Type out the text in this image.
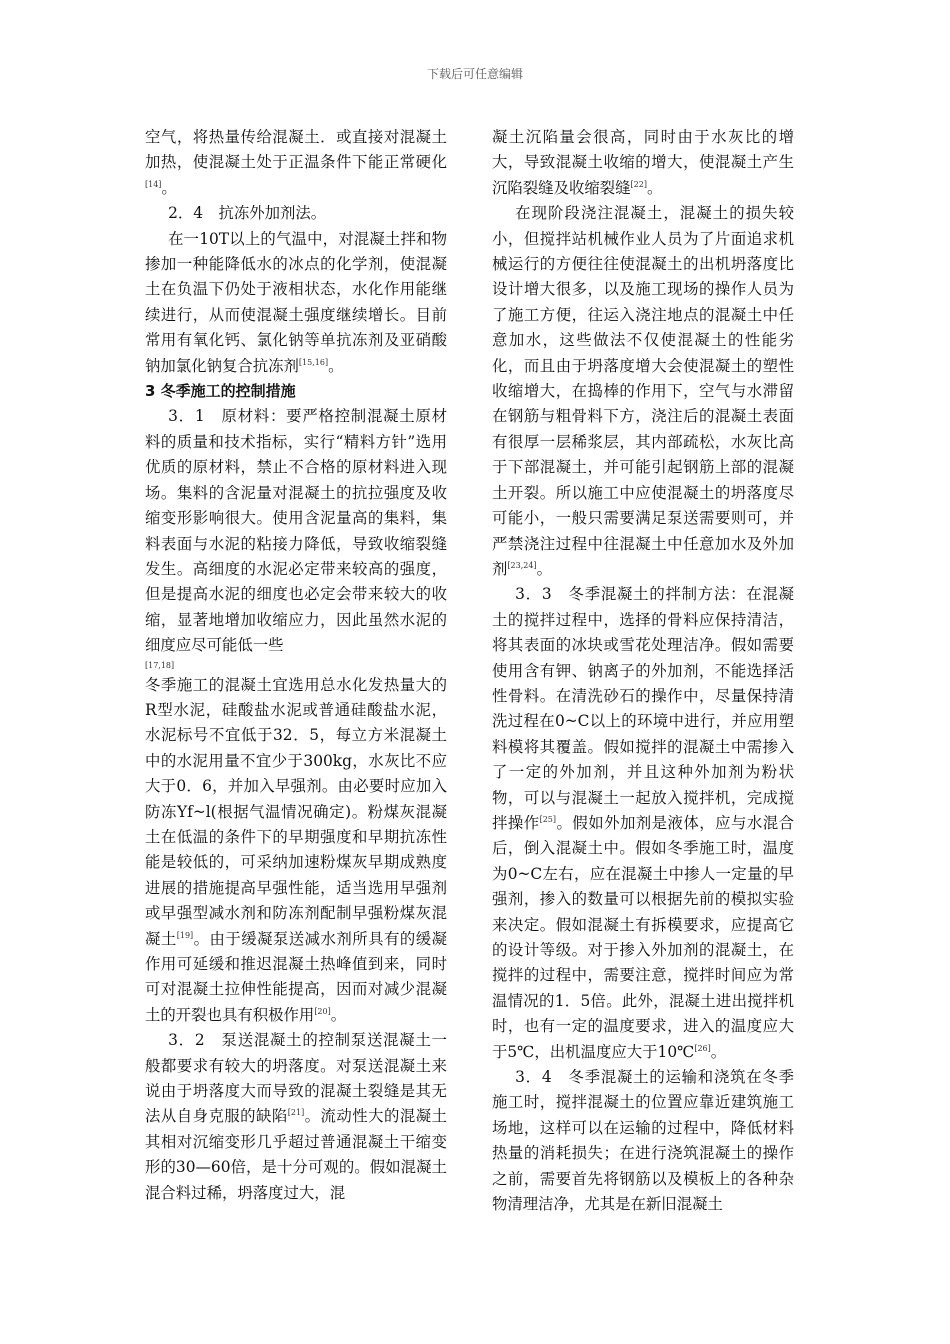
下载后可任意编辑

空气，将热量传给混凝土．或直接对混凝土加热，使混凝土处于正温条件下能正常硬化[14]。

2．4　抗冻外加剂法。

在一10T以上的气温中，对混凝土拌和物掺加一种能降低水的冰点的化学剂，使混凝土在负温下仍处于液相状态，水化作用能继续进行，从而使混凝土强度继续增长。目前常用有氧化钙、氯化钠等单抗冻剂及亚硝酸钠加氯化钠复合抗冻剂[15,16]。

3 冬季施工的控制措施

3．1　原材料：要严格控制混凝土原材料的质量和技术指标，实行“精料方针”选用优质的原材料，禁止不合格的原材料进入现场。集料的含泥量对混凝土的抗拉强度及收缩变形影响很大。使用含泥量高的集料，集料表面与水泥的粘接力降低，导致收缩裂缝发生。高细度的水泥必定带来较高的强度，但是提高水泥的细度也必定会带来较大的收缩，显著地增加收缩应力，因此虽然水泥的细度应尽可能低一些

[17,18]

冬季施工的混凝土宜选用总水化发热量大的R型水泥，硅酸盐水泥或普通硅酸盐水泥，水泥标号不宜低于32．5，每立方米混凝土中的水泥用量不宜少于300kg，水灰比不应大于0．6，并加入早强剂。由必要时应加入防冻Yf~l(根据气温情况确定)。粉煤灰混凝土在低温的条件下的早期强度和早期抗冻性能是较低的，可采纳加速粉煤灰早期成熟度进展的措施提高早强性能，适当选用早强剂或早强型减水剂和防冻剂配制早强粉煤灰混凝土[19]。由于缓凝泵送减水剂所具有的缓凝作用可延缓和推迟混凝土热峰值到来，同时可对混凝土拉伸性能提高，因而对减少混凝土的开裂也具有积极作用[20]。

3．2　泵送混凝土的控制泵送混凝土一般都要求有较大的坍落度。对泵送混凝土来说由于坍落度大而导致的混凝土裂缝是其无法从自身克服的缺陷[21]。流动性大的混凝土其相对沉缩变形几乎超过普通混凝土干缩变形的30—60倍，是十分可观的。假如混凝土混合料过稀，坍落度过大，混

凝土沉陷量会很高，同时由于水灰比的增大，导致混凝土收缩的增大，使混凝土产生沉陷裂缝及收缩裂缝[22]。

在现阶段浇注混凝土，混凝土的损失较小，但搅拌站机械作业人员为了片面追求机械运行的方便往往使混凝土的出机坍落度比设计增大很多，以及施工现场的操作人员为了施工方便，往运入浇注地点的混凝土中任意加水，这些做法不仅使混凝土的性能劣化，而且由于坍落度增大会使混凝土的塑性收缩增大，在捣棒的作用下，空气与水滞留在钢筋与粗骨料下方，浇注后的混凝土表面有很厚一层稀浆层，其内部疏松，水灰比高于下部混凝土，并可能引起钢筋上部的混凝土开裂。所以施工中应使混凝土的坍落度尽可能小，一般只需要满足泵送需要则可，并严禁浇注过程中往混凝土中任意加水及外加剂[23,24]。

3．3　冬季混凝土的拌制方法：在混凝土的搅拌过程中，选择的骨料应保持清洁，将其表面的冰块或雪花处理洁净。假如需要使用含有钾、钠离子的外加剂，不能选择活性骨料。在清洗砂石的操作中，尽量保持清洗过程在0~C以上的环境中进行，并应用塑料模将其覆盖。假如搅拌的混凝土中需掺入了一定的外加剂，并且这种外加剂为粉状物，可以与混凝土一起放入搅拌机，完成搅拌操作[25]。假如外加剂是液体，应与水混合后，倒入混凝土中。假如冬季施工时，温度为0~C左右，应在混凝土中掺人一定量的早强剂，掺入的数量可以根据先前的模拟实验来决定。假如混凝土有拆模要求，应提高它的设计等级。对于掺入外加剂的混凝土，在搅拌的过程中，需要注意，搅拌时间应为常温情况的1．5倍。此外，混凝土进出搅拌机时，也有一定的温度要求，进入的温度应大于5℃，出机温度应大于10℃[26]。

3．4　冬季混凝土的运输和浇筑在冬季施工时，搅拌混凝土的位置应靠近建筑施工场地，这样可以在运输的过程中，降低材料热量的消耗损失；在进行浇筑混凝土的操作之前，需要首先将钢筋以及模板上的各种杂物清理洁净，尤其是在新旧混凝土
